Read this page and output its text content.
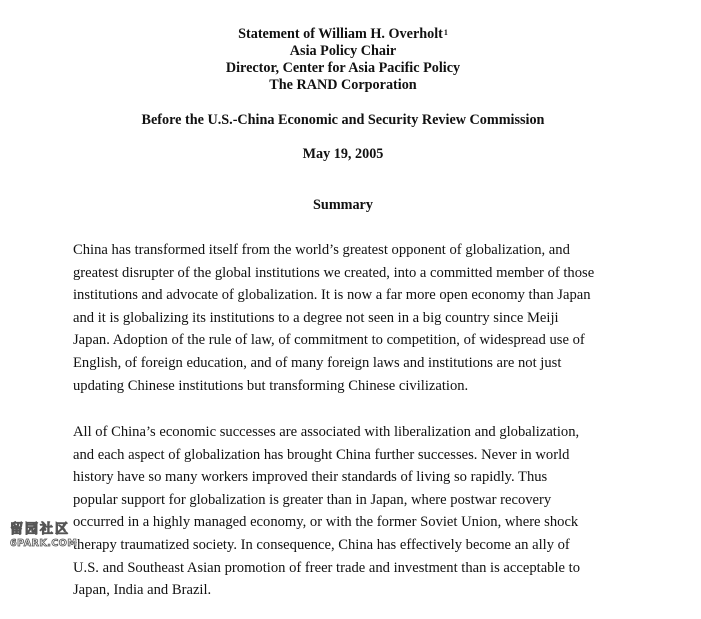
Statement of William H. Overholt$^1$
Asia Policy Chair
Director, Center for Asia Pacific Policy
The RAND Corporation
Before the U.S.-China Economic and Security Review Commission
May 19, 2005
Summary
China has transformed itself from the world’s greatest opponent of globalization, and
greatest disrupter of the global institutions we created, into a committed member of those
institutions and advocate of globalization. It is now a far more open economy than Japan
and it is globalizing its institutions to a degree not seen in a big country since Meiji
Japan. Adoption of the rule of law, of commitment to competition, of widespread use of
English, of foreign education, and of many foreign laws and institutions are not just
updating Chinese institutions but transforming Chinese civilization.
All of China’s economic successes are associated with liberalization and globalization,
and each aspect of globalization has brought China further successes. Never in world
history have so many workers improved their standards of living so rapidly. Thus
popular support for globalization is greater than in Japan, where postwar recovery
occurred in a highly managed economy, or with the former Soviet Union, where shock
therapy traumatized society. In consequence, China has effectively become an ally of
U.S. and Southeast Asian promotion of freer trade and investment than is acceptable to
Japan, India and Brazil.
留园社区
6PARK.COM
